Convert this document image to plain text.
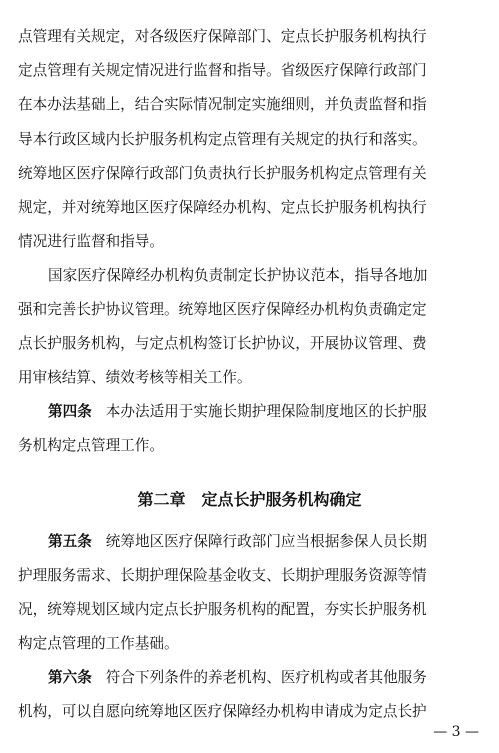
— 3 —
点管理有关规定，对各级医疗保障部门、定点长护服务机构执行
定点管理有关规定情况进行监督和指导。省级医疗保障行政部门
在本办法基础上，结合实际情况制定实施细则，并负责监督和指
导本行政区域内长护服务机构定点管理有关规定的执行和落实。
统筹地区医疗保障行政部门负责执行长护服务机构定点管理有关
规定，并对统筹地区医疗保障经办机构、定点长护服务机构执行
情况进行监督和指导。
国家医疗保障经办机构负责制定长护协议范本，指导各地加
强和完善长护协议管理。统筹地区医疗保障经办机构负责确定定
点长护服务机构，与定点机构签订长护协议，开展协议管理、费
用审核结算、绩效考核等相关工作。
第四条 本办法适用于实施长期护理保险制度地区的长护服
务机构定点管理工作。
第二章　定点长护服务机构确定
第五条 统筹地区医疗保障行政部门应当根据参保人员长期
护理服务需求、长期护理保险基金收支、长期护理服务资源等情
况，统筹规划区域内定点长护服务机构的配置，夯实长护服务机
构定点管理的工作基础。
第六条 符合下列条件的养老机构、医疗机构或者其他服务
机构，可以自愿向统筹地区医疗保障经办机构申请成为定点长护
